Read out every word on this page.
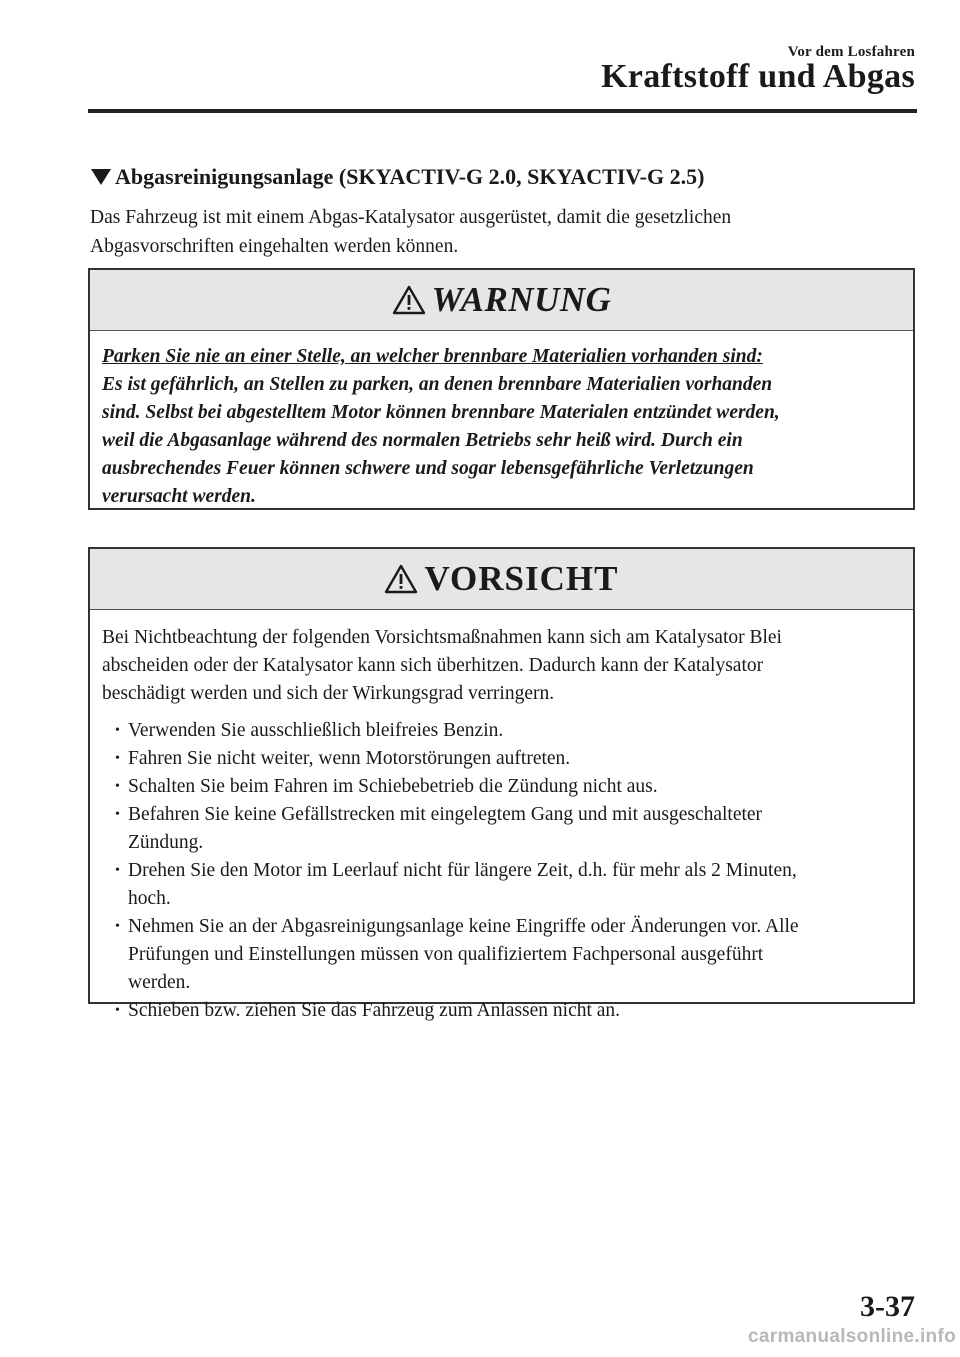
Vor dem Losfahren
Kraftstoff und Abgas
Abgasreinigungsanlage (SKYACTIV-G 2.0, SKYACTIV-G 2.5)
Das Fahrzeug ist mit einem Abgas-Katalysator ausgerüstet, damit die gesetzlichen
Abgasvorschriften eingehalten werden können.
WARNUNG
Parken Sie nie an einer Stelle, an welcher brennbare Materialien vorhanden sind:
Es ist gefährlich, an Stellen zu parken, an denen brennbare Materialien vorhanden
sind. Selbst bei abgestelltem Motor können brennbare Materialen entzündet werden,
weil die Abgasanlage während des normalen Betriebs sehr heiß wird. Durch ein
ausbrechendes Feuer können schwere und sogar lebensgefährliche Verletzungen
verursacht werden.
VORSICHT
Bei Nichtbeachtung der folgenden Vorsichtsmaßnahmen kann sich am Katalysator Blei
abscheiden oder der Katalysator kann sich überhitzen. Dadurch kann der Katalysator
beschädigt werden und sich der Wirkungsgrad verringern.
• Verwenden Sie ausschließlich bleifreies Benzin.
• Fahren Sie nicht weiter, wenn Motorstörungen auftreten.
• Schalten Sie beim Fahren im Schiebebetrieb die Zündung nicht aus.
• Befahren Sie keine Gefällstrecken mit eingelegtem Gang und mit ausgeschalteter
Zündung.
• Drehen Sie den Motor im Leerlauf nicht für längere Zeit, d.h. für mehr als 2 Minuten,
hoch.
• Nehmen Sie an der Abgasreinigungsanlage keine Eingriffe oder Änderungen vor. Alle
Prüfungen und Einstellungen müssen von qualifiziertem Fachpersonal ausgeführt
werden.
• Schieben bzw. ziehen Sie das Fahrzeug zum Anlassen nicht an.
3-37
carmanualsonline.info
